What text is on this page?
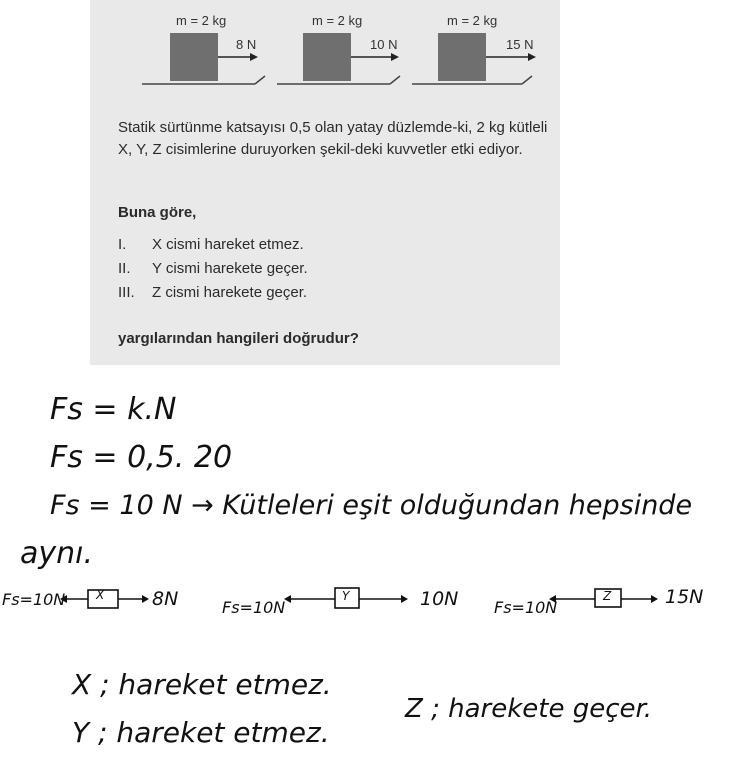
m = 2 kg	m = 2 kg	m = 2 kg
8 N	10 N	15 N
Statik sürtünme katsayısı 0,5 olan yatay düzlemde-ki, 2 kg kütleli X, Y, Z cisimlerine duruyorken şekil-deki kuvvetler etki ediyor.
Buna göre,
I. X cismi hareket etmez.
II. Y cismi harekete geçer.
III. Z cismi harekete geçer.
yargılarından hangileri doğrudur?
Fs = k.N
Fs = 0,5. 20
Fs = 10 N → Kütleleri eşit olduğundan hepsinde
aynı.
Fs=10N	X	8N	Fs=10N
Y	10N Fs=10N
Z	15N
X ; hareket etmez.
Y ; hareket etmez.
Z ; harekete geçer.
